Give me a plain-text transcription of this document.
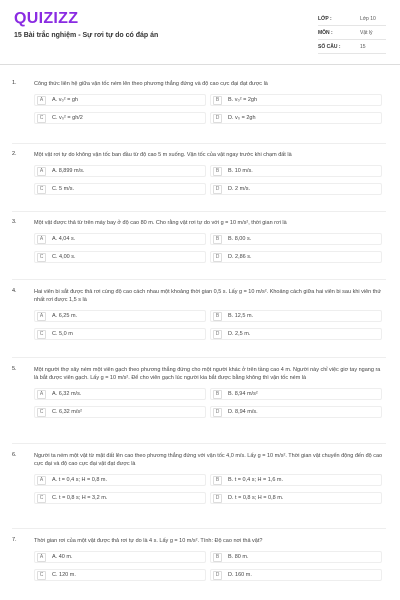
QUIZIZZ
15 Bài trắc nghiệm - Sự rơi tự do có đáp án
LỚP :	Lớp 10
MÔN :	Vật lý
SỐ CÂU :	15
1.	Công thức liên hệ giữa vận tốc ném lên theo phương thẳng đứng và độ cao cực đại đạt được là
A	A. v₀² = gh	B	B. v₀² = 2gh
C	C. v₀² = gh/2	D	D. v₀ = 2gh
2.	Một vật rơi tự do không vận tốc ban đầu từ độ cao 5 m xuống. Vận tốc của vật ngay trước khi chạm đất là
A	A. 8,899 m/s.	B	B. 10 m/s.
C	C. 5 m/s.	D	D. 2 m/s.
3.	Một vật được thả từ trên máy bay ở độ cao 80 m. Cho rằng vật rơi tự do với g = 10 m/s², thời gian rơi là
A	A. 4,04 s.	B	B. 8,00 s.
C	C. 4,00 s.	D	D. 2,86 s.
4.	Hai viên bi sắt được thả rơi cùng độ cao cách nhau một khoảng thời gian 0,5 s. Lấy g = 10 m/s². Khoảng cách giữa hai viên bi sau khi viên thứ nhất rơi được 1,5 s là
A	A. 6,25 m.	B	B. 12,5 m.
C	C. 5,0 m	D	D. 2,5 m.
5.	Một người thợ xây ném một viên gạch theo phương thẳng đứng cho một người khác ở trên tầng cao 4 m. Người này chỉ việc giơ tay ngang ra là bắt được viên gạch. Lấy g = 10 m/s². Để cho viên gạch lúc người kia bắt được bằng không thì vận tốc ném là
A	A. 6,32 m/s.	B	B. 8,94 m/s²
C	C. 6,32 m/s²	D	D. 8,94 m/s.
6.	Người ta ném một vật từ mặt đất lên cao theo phương thẳng đứng với vận tốc 4,0 m/s. Lấy g = 10 m/s². Thời gian vật chuyển động đến độ cao cực đại và độ cao cực đại vật đạt được là
A	A. t = 0,4 s; H = 0,8 m.	B	B. t = 0,4 s; H = 1,6 m.
C	C. t = 0,8 s; H = 3,2 m.	D	D. t = 0,8 s; H = 0,8 m.
7.	Thời gian rơi của một vật được thả rơi tự do là 4 s. Lấy g = 10 m/s². Tính: Độ cao nơi thả vật?
A	A. 40 m.	B	B. 80 m.
C	C. 120 m.	D	D. 160 m.
